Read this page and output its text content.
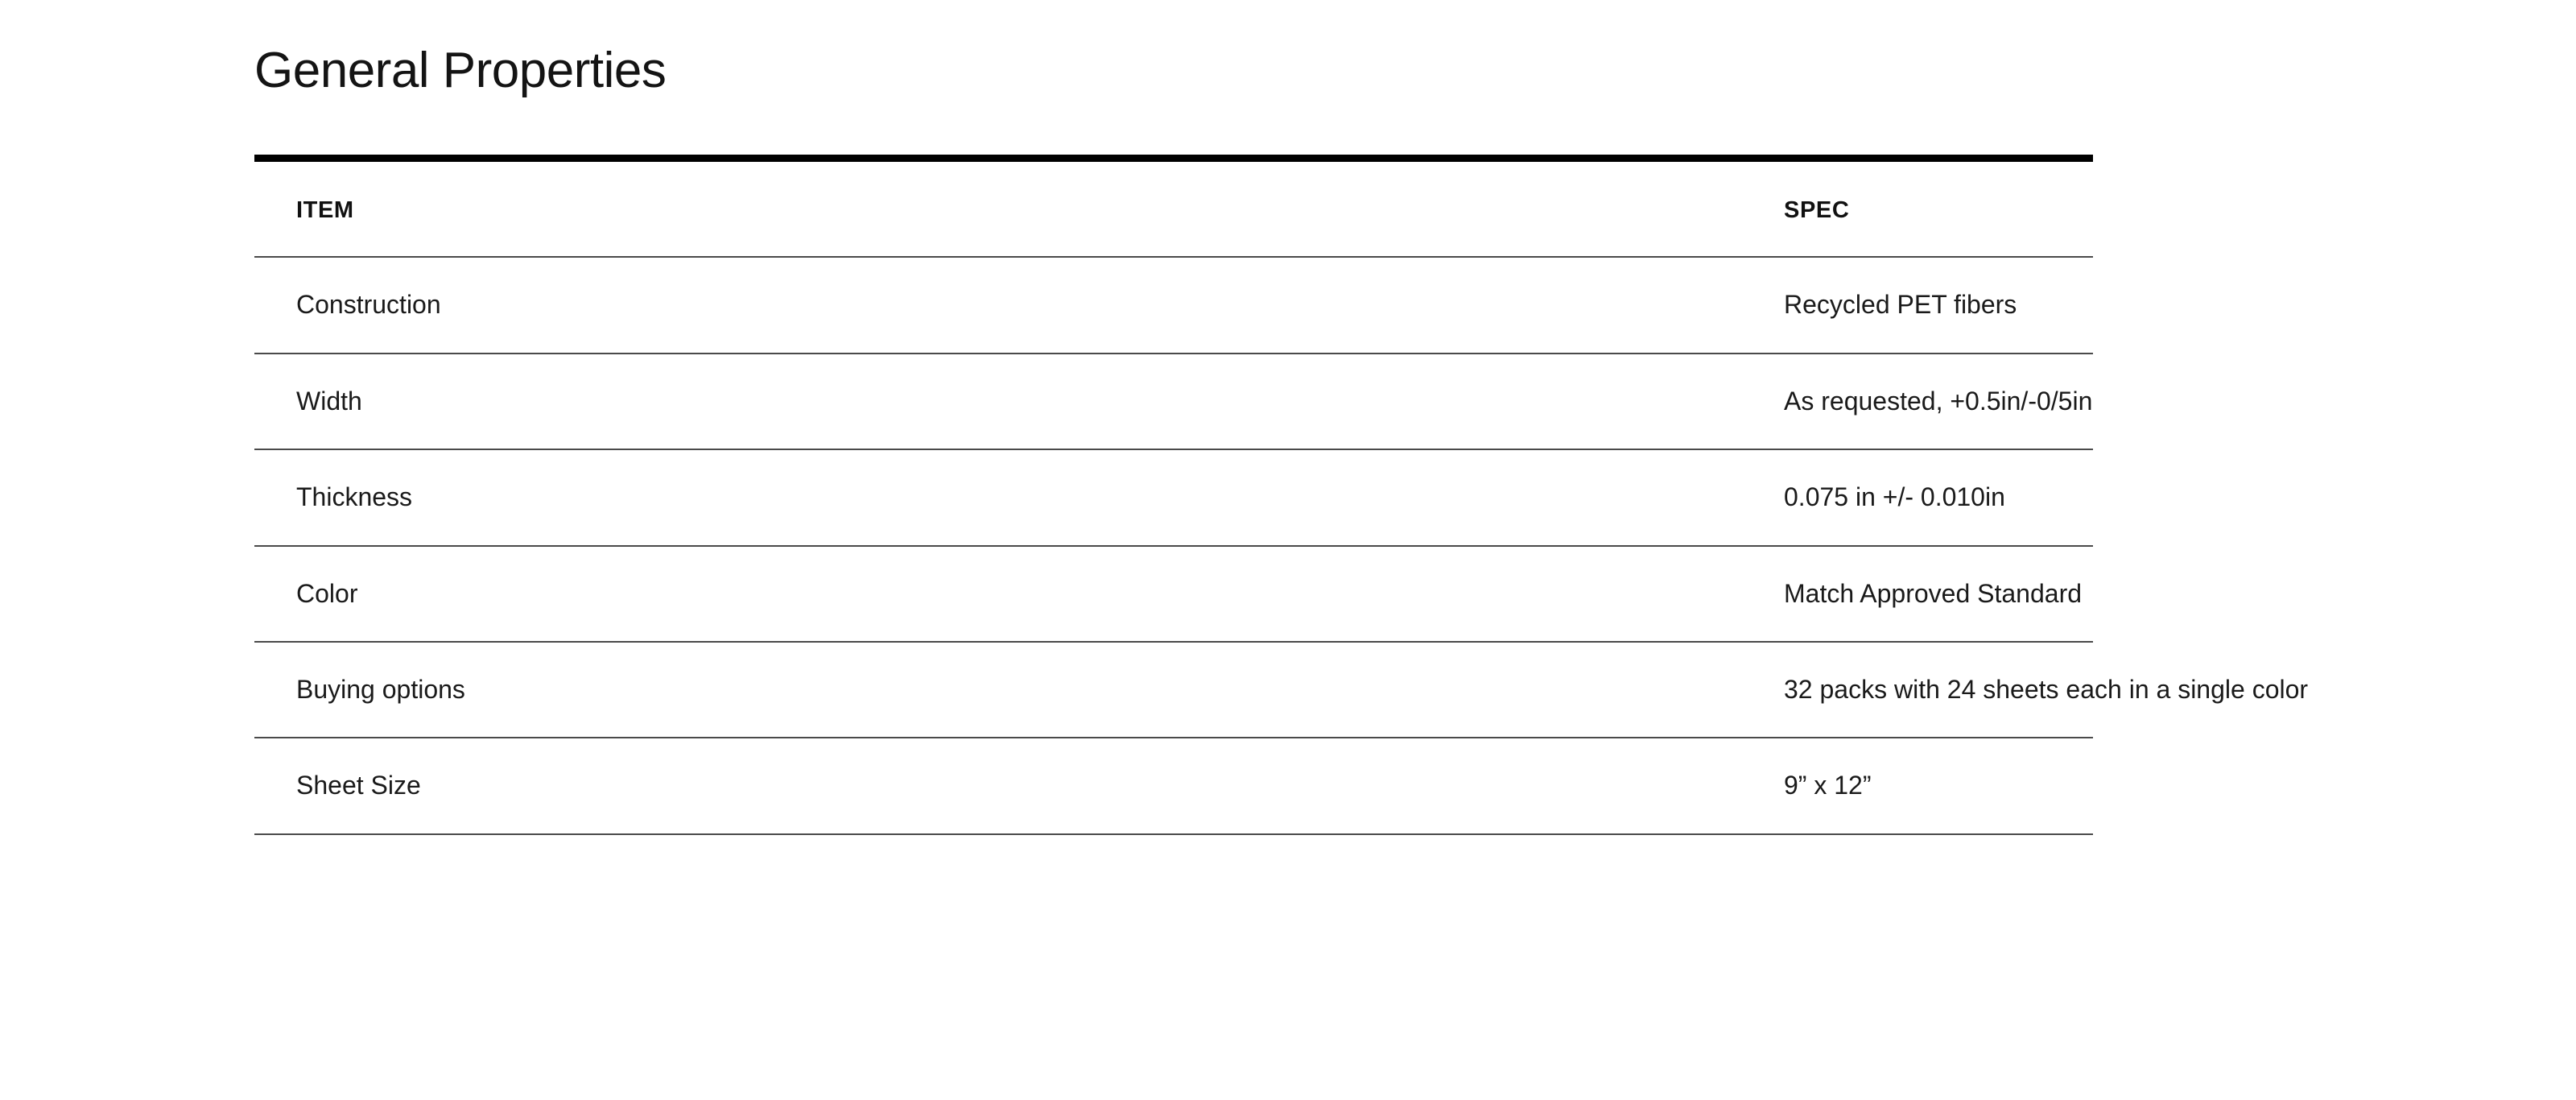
General Properties
ITEM	SPEC
Construction	Recycled PET fibers
Width	As requested, +0.5in/-0/5in
Thickness	0.075 in +/- 0.010in
Color	Match Approved Standard
Buying options	32 packs with 24 sheets each in a single color

Sheet Size	9” x 12”
